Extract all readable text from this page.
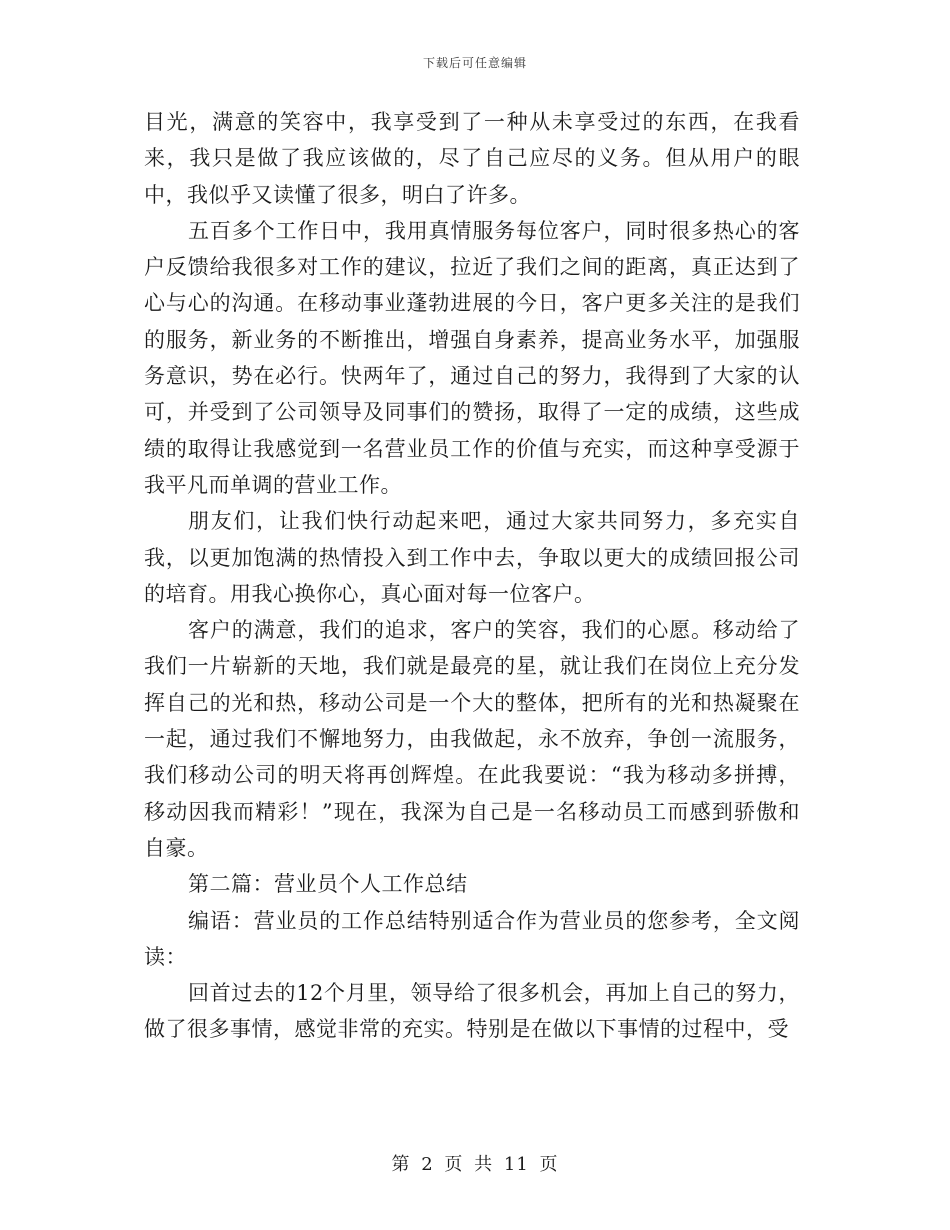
下载后可任意编辑

目光，满意的笑容中，我享受到了一种从未享受过的东西，在我看来，我只是做了我应该做的，尽了自己应尽的义务。但从用户的眼中，我似乎又读懂了很多，明白了许多。

五百多个工作日中，我用真情服务每位客户，同时很多热心的客户反馈给我很多对工作的建议，拉近了我们之间的距离，真正达到了心与心的沟通。在移动事业蓬勃进展的今日，客户更多关注的是我们的服务，新业务的不断推出，增强自身素养，提高业务水平，加强服务意识，势在必行。快两年了，通过自己的努力，我得到了大家的认可，并受到了公司领导及同事们的赞扬，取得了一定的成绩，这些成绩的取得让我感觉到一名营业员工作的价值与充实，而这种享受源于我平凡而单调的营业工作。

朋友们，让我们快行动起来吧，通过大家共同努力，多充实自我，以更加饱满的热情投入到工作中去，争取以更大的成绩回报公司的培育。用我心换你心，真心面对每一位客户。

客户的满意，我们的追求，客户的笑容，我们的心愿。移动给了我们一片崭新的天地，我们就是最亮的星，就让我们在岗位上充分发挥自己的光和热，移动公司是一个大的整体，把所有的光和热凝聚在一起，通过我们不懈地努力，由我做起，永不放弃，争创一流服务，我们移动公司的明天将再创辉煌。在此我要说：“我为移动多拼搏，移动因我而精彩！”现在，我深为自己是一名移动员工而感到骄傲和自豪。

第二篇：营业员个人工作总结

编语：营业员的工作总结特别适合作为营业员的您参考，全文阅读：

回首过去的12个月里，领导给了很多机会，再加上自己的努力，做了很多事情，感觉非常的充实。特别是在做以下事情的过程中，受

第 2 页 共 11 页
